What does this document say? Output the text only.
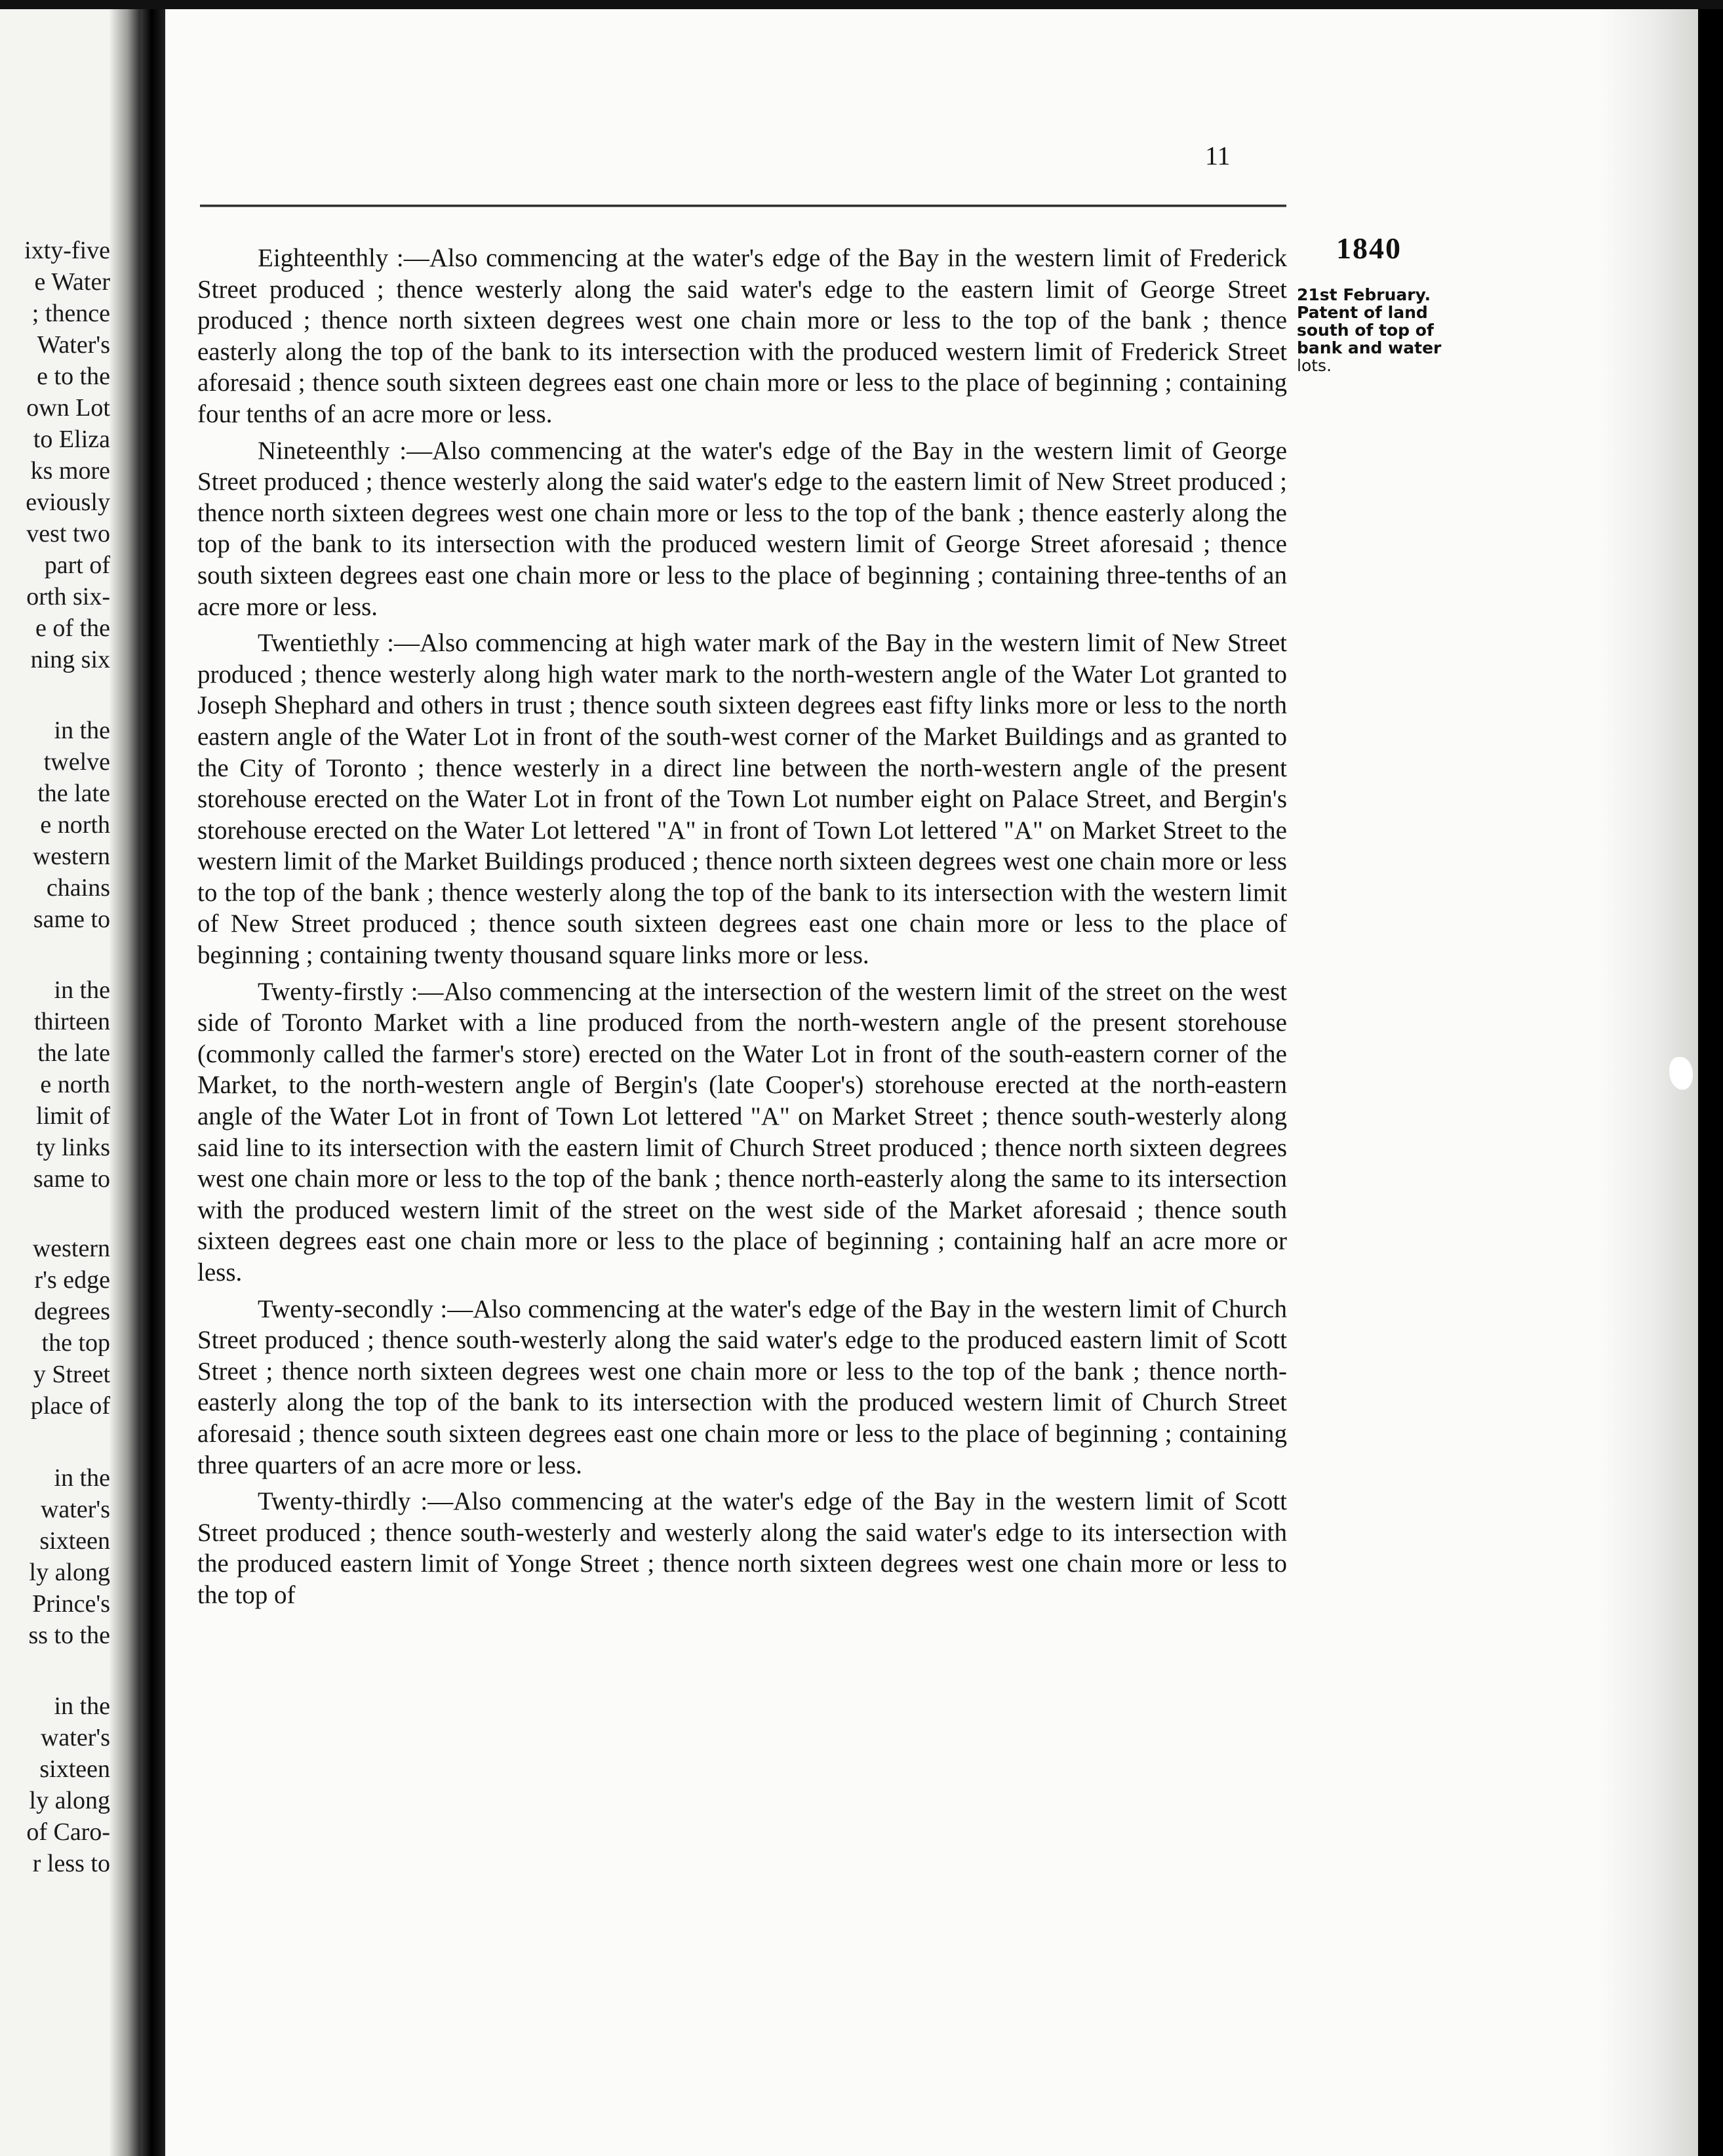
ixty-five
e Water
; thence
Water's
e to the
own Lot
to Eliza
ks more
eviously
vest two
part of
orth six-
e of the
ning six
in the
twelve
the late
e north
western
chains
same to
in the
thirteen
the late
e north
limit of
ty links
same to
western
r's edge
degrees
the top
y Street
place of
in the
water's
sixteen
ly along
Prince's
ss to the
in the
water's
sixteen
ly along
of Caro-
r less to
11
1840
21st February. Patent of land south of top of bank and water lots.

Eighteenthly :—Also commencing at the water's edge of the Bay in the western limit of Frederick Street produced ; thence westerly along the said water's edge to the eastern limit of George Street produced ; thence north sixteen degrees west one chain more or less to the top of the bank ; thence easterly along the top of the bank to its intersection with the produced western limit of Frederick Street aforesaid ; thence south sixteen degrees east one chain more or less to the place of beginning ; containing four tenths of an acre more or less.

Nineteenthly :—Also commencing at the water's edge of the Bay in the western limit of George Street produced ; thence westerly along the said water's edge to the eastern limit of New Street produced ; thence north sixteen degrees west one chain more or less to the top of the bank ; thence easterly along the top of the bank to its intersection with the produced western limit of George Street aforesaid ; thence south sixteen degrees east one chain more or less to the place of beginning ; containing three-tenths of an acre more or less.

Twentiethly :—Also commencing at high water mark of the Bay in the western limit of New Street produced ; thence westerly along high water mark to the north-western angle of the Water Lot granted to Joseph Shephard and others in trust ; thence south sixteen degrees east fifty links more or less to the north eastern angle of the Water Lot in front of the south-west corner of the Market Buildings and as granted to the City of Toronto ; thence westerly in a direct line between the north-western angle of the present storehouse erected on the Water Lot in front of the Town Lot number eight on Palace Street, and Bergin's storehouse erected on the Water Lot lettered "A" in front of Town Lot lettered "A" on Market Street to the western limit of the Market Buildings produced ; thence north sixteen degrees west one chain more or less to the top of the bank ; thence westerly along the top of the bank to its intersection with the western limit of New Street produced ; thence south sixteen degrees east one chain more or less to the place of beginning ; containing twenty thousand square links more or less.

Twenty-firstly :—Also commencing at the intersection of the western limit of the street on the west side of Toronto Market with a line produced from the north-western angle of the present storehouse (commonly called the farmer's store) erected on the Water Lot in front of the south-eastern corner of the Market, to the north-western angle of Bergin's (late Cooper's) storehouse erected at the north-eastern angle of the Water Lot in front of Town Lot lettered "A" on Market Street ; thence south-westerly along said line to its intersection with the eastern limit of Church Street produced ; thence north sixteen degrees west one chain more or less to the top of the bank ; thence north-easterly along the same to its intersection with the produced western limit of the street on the west side of the Market aforesaid ; thence south sixteen degrees east one chain more or less to the place of beginning ; containing half an acre more or less.

Twenty-secondly :—Also commencing at the water's edge of the Bay in the western limit of Church Street produced ; thence south-westerly along the said water's edge to the produced eastern limit of Scott Street ; thence north sixteen degrees west one chain more or less to the top of the bank ; thence north-easterly along the top of the bank to its intersection with the produced western limit of Church Street aforesaid ; thence south sixteen degrees east one chain more or less to the place of beginning ; containing three quarters of an acre more or less.

Twenty-thirdly :—Also commencing at the water's edge of the Bay in the western limit of Scott Street produced ; thence south-westerly and westerly along the said water's edge to its intersection with the produced eastern limit of Yonge Street ; thence north sixteen degrees west one chain more or less to the top of
